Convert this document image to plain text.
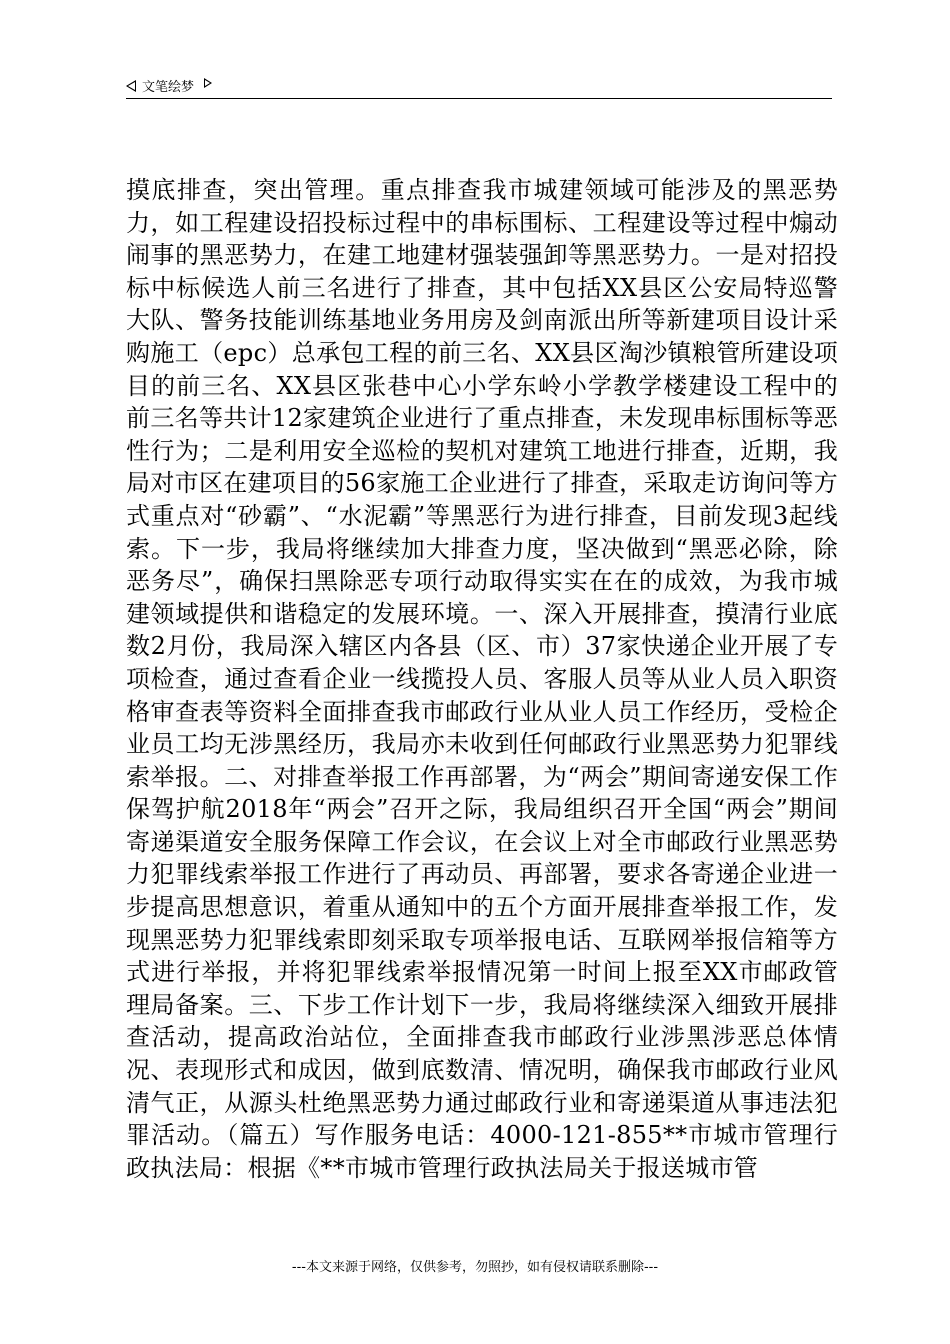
文笔绘梦

摸底排查，突出管理。重点排查我市城建领域可能涉及的黑恶势力，如工程建设招投标过程中的串标围标、工程建设等过程中煽动闹事的黑恶势力，在建工地建材强装强卸等黑恶势力。一是对招投标中标候选人前三名进行了排查，其中包括XX县区公安局特巡警大队、警务技能训练基地业务用房及剑南派出所等新建项目设计采购施工（epc）总承包工程的前三名、XX县区淘沙镇粮管所建设项目的前三名、XX县区张巷中心小学东岭小学教学楼建设工程中的前三名等共计12家建筑企业进行了重点排查，未发现串标围标等恶性行为；二是利用安全巡检的契机对建筑工地进行排查，近期，我局对市区在建项目的56家施工企业进行了排查，采取走访询问等方式重点对“砂霸”、“水泥霸”等黑恶行为进行排查，目前发现3起线索。下一步，我局将继续加大排查力度，坚决做到“黑恶必除，除恶务尽”，确保扫黑除恶专项行动取得实实在在的成效，为我市城建领域提供和谐稳定的发展环境。一、深入开展排查，摸清行业底数2月份，我局深入辖区内各县（区、市）37家快递企业开展了专项检查，通过查看企业一线揽投人员、客服人员等从业人员入职资格审查表等资料全面排查我市邮政行业从业人员工作经历，受检企业员工均无涉黑经历，我局亦未收到任何邮政行业黑恶势力犯罪线索举报。二、对排查举报工作再部署，为“两会”期间寄递安保工作保驾护航2018年“两会”召开之际，我局组织召开全国“两会”期间寄递渠道安全服务保障工作会议，在会议上对全市邮政行业黑恶势力犯罪线索举报工作进行了再动员、再部署，要求各寄递企业进一步提高思想意识，着重从通知中的五个方面开展排查举报工作，发现黑恶势力犯罪线索即刻采取专项举报电话、互联网举报信箱等方式进行举报，并将犯罪线索举报情况第一时间上报至XX市邮政管理局备案。三、下步工作计划下一步，我局将继续深入细致开展排查活动，提高政治站位，全面排查我市邮政行业涉黑涉恶总体情况、表现形式和成因，做到底数清、情况明，确保我市邮政行业风清气正，从源头杜绝黑恶势力通过邮政行业和寄递渠道从事违法犯罪活动。（篇五）写作服务电话：4000-121-855**市城市管理行政执法局：根据《**市城市管理行政执法局关于报送城市管

---本文来源于网络，仅供参考，勿照抄，如有侵权请联系删除---
